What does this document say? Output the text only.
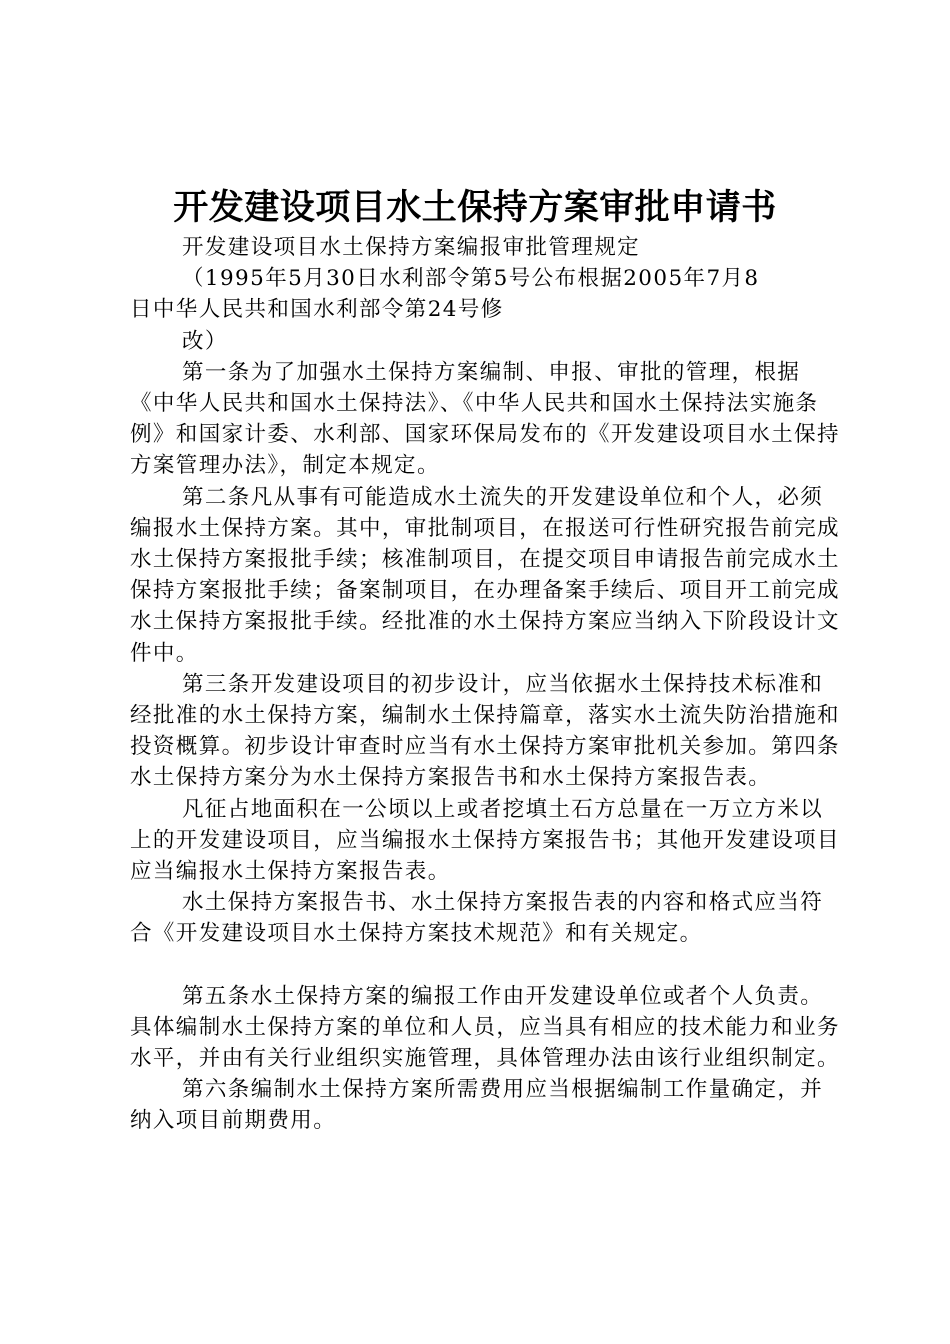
开发建设项目水土保持方案审批申请书

开发建设项目水土保持方案编报审批管理规定

（1995年5月30日水利部令第5号公布根据2005年7月8
日中华人民共和国水利部令第24号修
改）

第一条为了加强水土保持方案编制、申报、审批的管理，根据《中华人民共和国水土保持法》、《中华人民共和国水土保持法实施条例》和国家计委、水利部、国家环保局发布的《开发建设项目水土保持方案管理办法》，制定本规定。

第二条凡从事有可能造成水土流失的开发建设单位和个人，必须编报水土保持方案。其中，审批制项目，在报送可行性研究报告前完成水土保持方案报批手续；核准制项目，在提交项目申请报告前完成水土保持方案报批手续；备案制项目，在办理备案手续后、项目开工前完成水土保持方案报批手续。经批准的水土保持方案应当纳入下阶段设计文件中。

第三条开发建设项目的初步设计，应当依据水土保持技术标准和经批准的水土保持方案，编制水土保持篇章，落实水土流失防治措施和投资概算。初步设计审查时应当有水土保持方案审批机关参加。第四条水土保持方案分为水土保持方案报告书和水土保持方案报告表。

凡征占地面积在一公顷以上或者挖填土石方总量在一万立方米以上的开发建设项目，应当编报水土保持方案报告书；其他开发建设项目应当编报水土保持方案报告表。

水土保持方案报告书、水土保持方案报告表的内容和格式应当符合《开发建设项目水土保持方案技术规范》和有关规定。

第五条水土保持方案的编报工作由开发建设单位或者个人负责。具体编制水土保持方案的单位和人员，应当具有相应的技术能力和业务水平，并由有关行业组织实施管理，具体管理办法由该行业组织制定。

第六条编制水土保持方案所需费用应当根据编制工作量确定，并纳入项目前期费用。
